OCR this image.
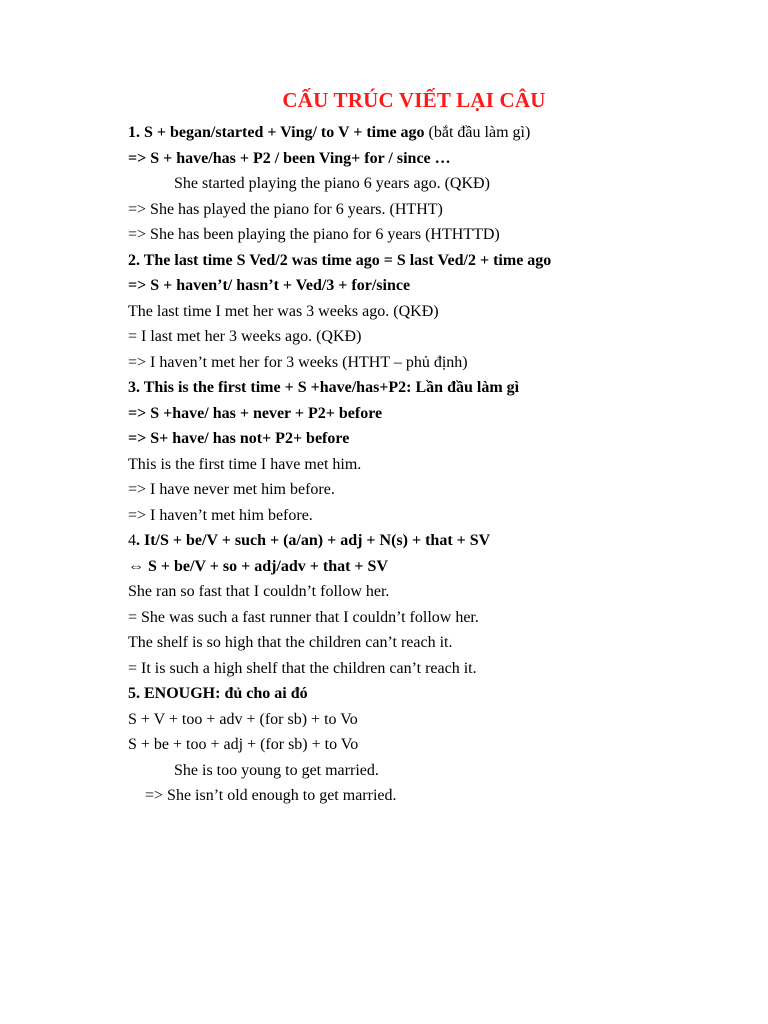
CẤU TRÚC VIẾT LẠI CÂU
1. S + began/started + Ving/ to V + time ago (bắt đầu làm gì)
=> S + have/has + P2 / been Ving+ for / since …
She started playing the piano 6 years ago. (QKĐ)
=> She has played the piano for 6 years. (HTHT)
=> She has been playing the piano for 6 years (HTHTTD)
2. The last time S Ved/2 was time ago = S last Ved/2 + time ago
=> S + haven’t/ hasn’t + Ved/3 + for/since
The last time I met her was 3 weeks ago. (QKĐ)
= I last met her 3 weeks ago. (QKĐ)
=> I haven’t met her for 3 weeks (HTHT – phủ định)
3. This is the first time + S +have/has+P2: Lần đầu làm gì
=> S +have/ has + never + P2+ before
=> S+ have/ has not+ P2+ before
This is the first time I have met him.
=> I have never met him before.
=> I haven’t met him before.
4. It/S + be/V + such + (a/an) + adj + N(s) + that + SV
⇔ S + be/V + so + adj/adv + that + SV
She ran so fast that I couldn’t follow her.
= She was such a fast runner that I couldn’t follow her.
The shelf is so high that the children can’t reach it.
= It is such a high shelf that the children can’t reach it.
5. ENOUGH: đủ cho ai đó
S + V + too + adv + (for sb) + to Vo
S + be + too + adj + (for sb) + to Vo
She is too young to get married.
=> She isn’t old enough to get married.
